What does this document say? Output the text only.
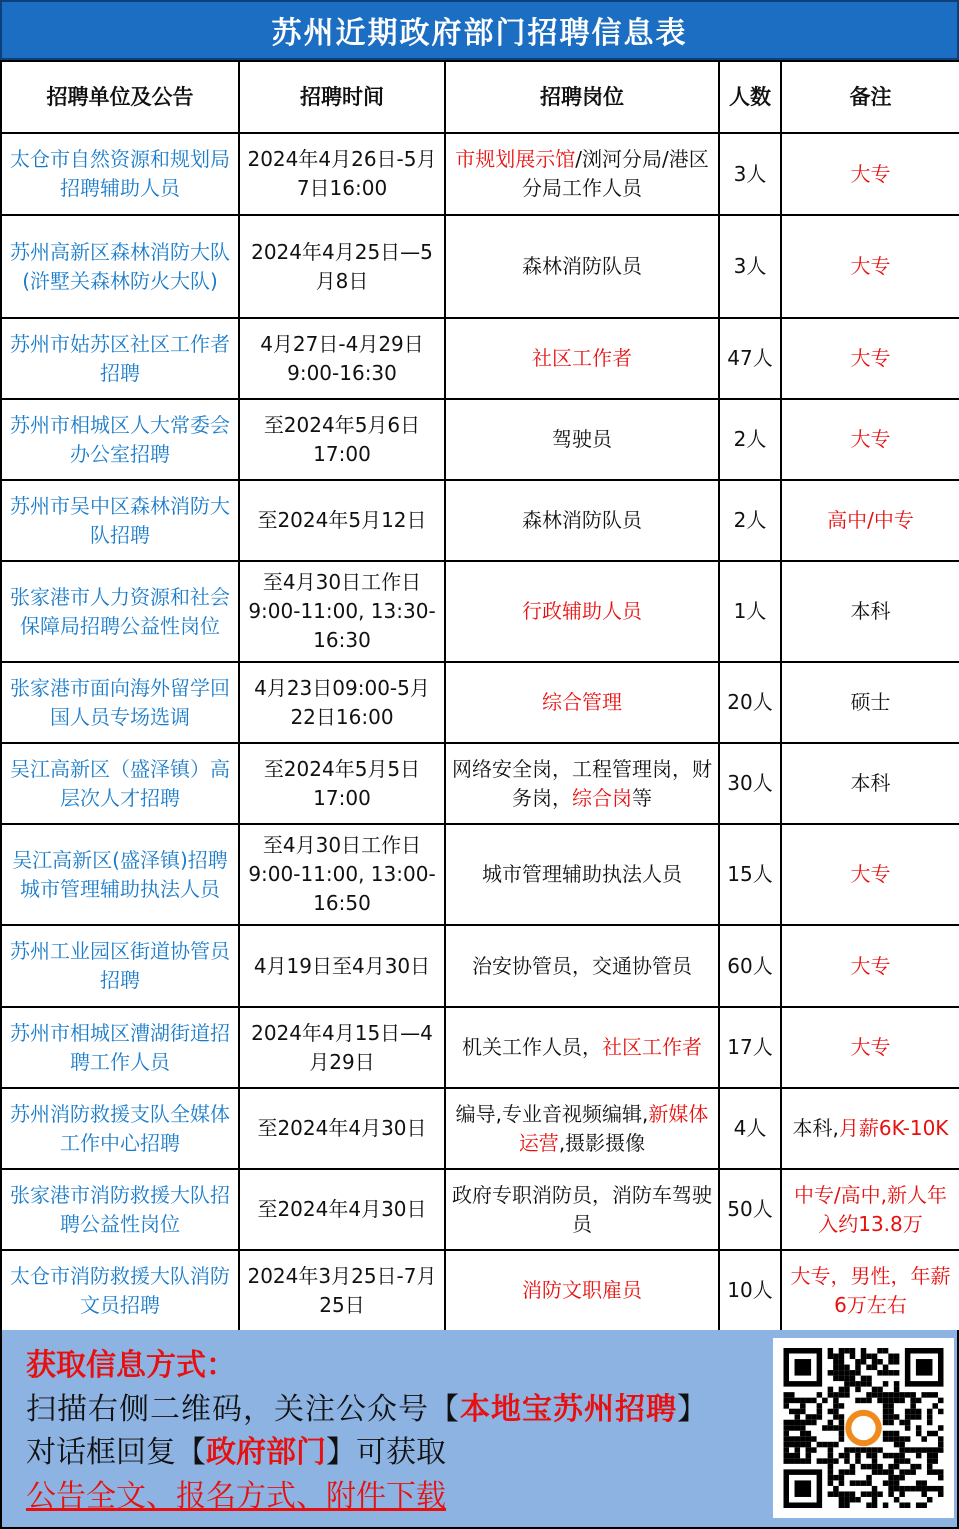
苏州近期政府部门招聘信息表
招聘单位及公告	招聘时间	招聘岗位	人数	备注
太仓市自然资源和规划局招聘辅助人员	2024年4月26日-5月7日16:00	市规划展示馆/浏河分局/港区分局工作人员	3人	大专
苏州高新区森林消防大队(浒墅关森林防火大队)	2024年4月25日—5月8日	森林消防队员	3人	大专
苏州市姑苏区社区工作者招聘	4月27日-4月29日 9:00-16:30	社区工作者	47人	大专
苏州市相城区人大常委会办公室招聘	至2024年5月6日 17:00	驾驶员	2人	大专
苏州市吴中区森林消防大队招聘	至2024年5月12日	森林消防队员	2人	高中/中专
张家港市人力资源和社会保障局招聘公益性岗位	至4月30日工作日 9:00-11:00, 13:30-16:30	行政辅助人员	1人	本科
张家港市面向海外留学回国人员专场选调	4月23日09:00-5月22日16:00	综合管理	20人	硕士
吴江高新区（盛泽镇）高层次人才招聘	至2024年5月5日 17:00	网络安全岗，工程管理岗，财务岗，综合岗等	30人	本科
吴江高新区(盛泽镇)招聘城市管理辅助执法人员	至4月30日工作日 9:00-11:00, 13:00-16:50	城市管理辅助执法人员	15人	大专
苏州工业园区街道协管员招聘	4月19日至4月30日	治安协管员，交通协管员	60人	大专
苏州市相城区漕湖街道招聘工作人员	2024年4月15日—4月29日	机关工作人员，社区工作者	17人	大专
苏州消防救援支队全媒体工作中心招聘	至2024年4月30日	编导,专业音视频编辑,新媒体运营,摄影摄像	4人	本科,月薪6K-10K
张家港市消防救援大队招聘公益性岗位	至2024年4月30日	政府专职消防员，消防车驾驶员	50人	中专/高中,新人年入约13.8万
太仓市消防救援大队消防文员招聘	2024年3月25日-7月25日	消防文职雇员	10人	大专，男性，年薪6万左右
获取信息方式：
扫描右侧二维码，关注公众号【本地宝苏州招聘】
对话框回复【政府部门】可获取
公告全文、报名方式、附件下载
